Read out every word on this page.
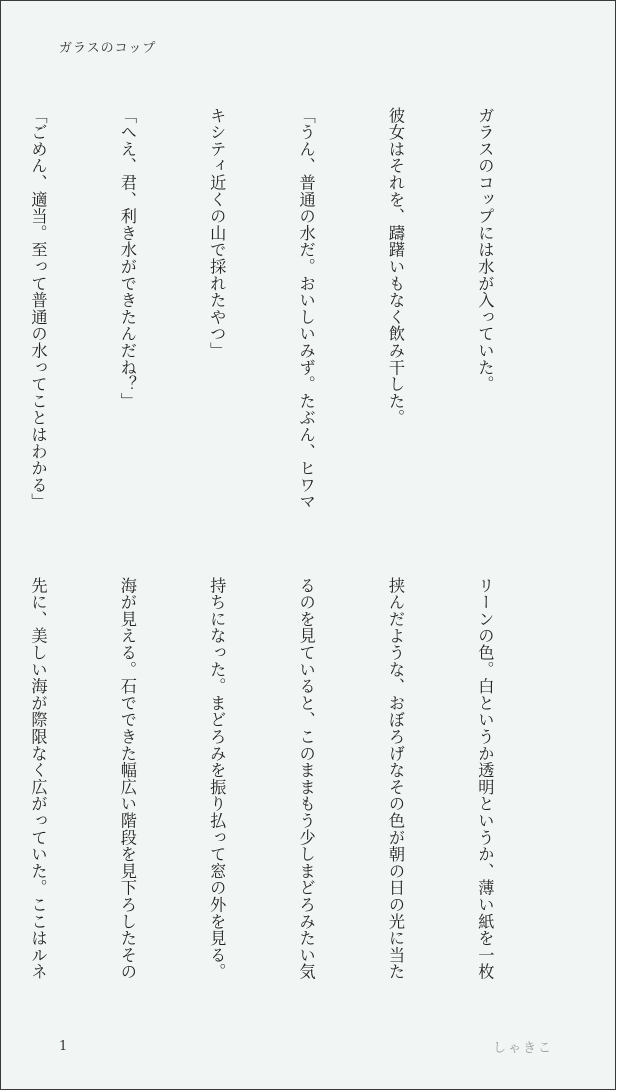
ガラスのコップ

ガラスのコップには水が入っていた。

彼女はそれを、躊躇いもなく飲み干した。

「うん、普通の水だ。おいしいみず。たぶん、ヒワマ

キシティ近くの山で採れたやつ」

「へえ、君、利き水ができたんだね？」

「ごめん、適当。至って普通の水ってことはわかる」

リーンの色。白というか透明というか、薄い紙を一枚

挟んだような、おぼろげなその色が朝の日の光に当た

るのを見ていると、このままもう少しまどろみたい気

持ちになった。まどろみを振り払って窓の外を見る。

海が見える。石でできた幅広い階段を見下ろしたその

先に、美しい海が際限なく広がっていた。ここはルネ

1	しゃきこ
